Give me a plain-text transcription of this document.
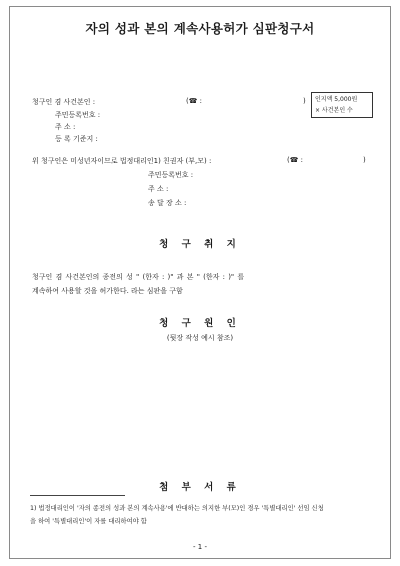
자의 성과 본의 계속사용허가 심판청구서
청구인 겸 사건본인 :	(☎ :	)
주민등록번호 :
주 소 :
등 록 기준지 :
인지액 5,000원
× 사건본인 수
위 청구인은 미성년자이므로 법정대리인1) 친권자 (부,모) :	(☎ :	)
주민등록번호 :
주 소 :
송 달 장 소 :
청 구 취 지
청구인 겸 사건본인의 종전의 성 " (한자 : )" 과 본 " (한자 : )" 를
계속하여 사용할 것을 허가한다. 라는 심판을 구함
청 구 원 인
(뒷장 작성 예시 참조)
첨 부 서 류
1) 법정대리인이 '자의 종전의 성과 본의 계속사용'에 반대하는 의지한 부(모)인 경우 '특별대리인' 선임 신청
을 하여 '특별대리인'이 자를 대리하여야 함
- 1 -
